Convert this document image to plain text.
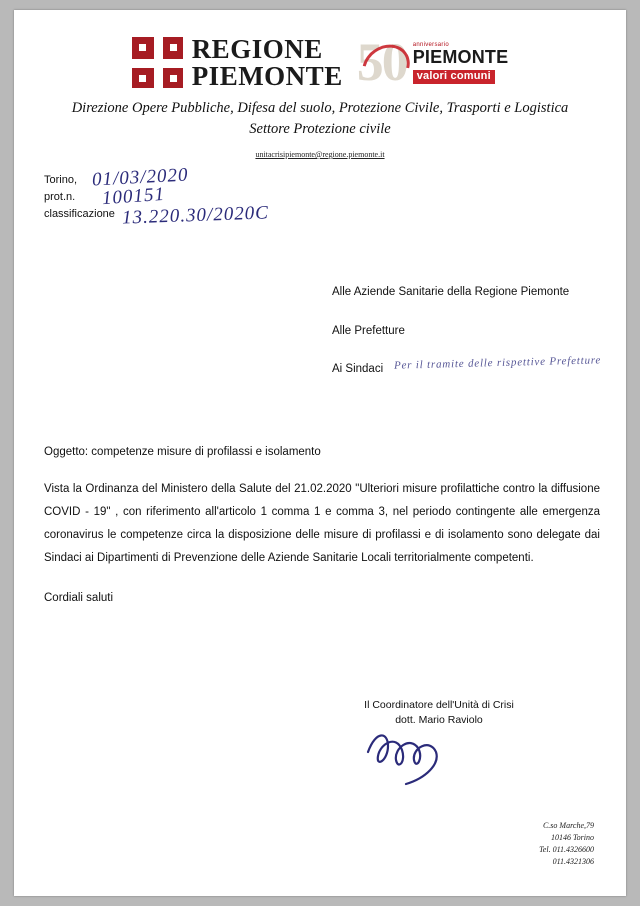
REGIONE
PIEMONTE 50 anniversario
PIEMONTE
valori comuni
Direzione Opere Pubbliche, Difesa del suolo, Protezione Civile, Trasporti e Logistica
Settore Protezione civile
unitacrisipiemonte@regione.piemonte.it
Torino, 01/03/2020
prot.n. 100151
classificazione 13.220.30/2020C
Alle Aziende Sanitarie della Regione Piemonte
Alle Prefetture
Ai Sindaci Per il tramite delle rispettive Prefetture
Oggetto: competenze misure di profilassi e isolamento
Vista la Ordinanza del Ministero della Salute del 21.02.2020 "Ulteriori misure profilattiche contro la diffusione COVID - 19" , con riferimento all'articolo 1 comma 1 e comma 3, nel periodo contingente alle emergenza coronavirus le competenze circa la disposizione delle misure di profilassi e di isolamento sono delegate dai Sindaci ai Dipartimenti di Prevenzione delle Aziende Sanitarie Locali territorialmente competenti.
Cordiali saluti
Il Coordinatore dell'Unità di Crisi
dott. Mario Raviolo
C.so Marche,79
10146 Torino
Tel. 011.4326600
011.4321306
